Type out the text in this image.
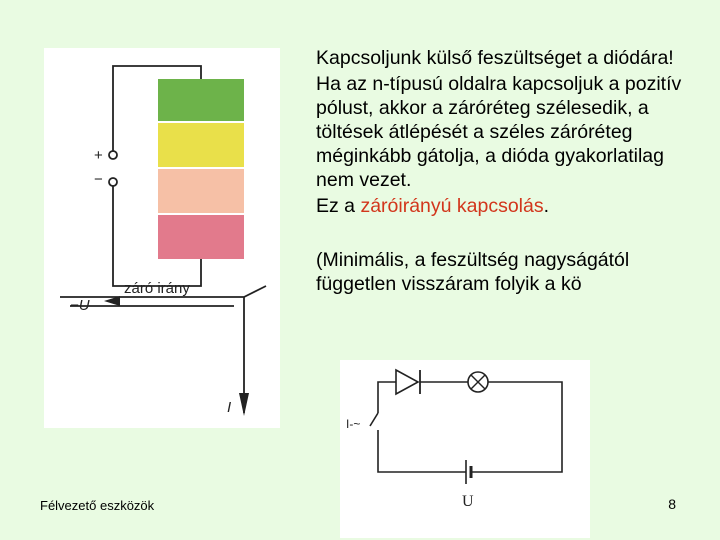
+
−
záró irány
−U
I

Kapcsoljunk külső feszültséget a diódára!

Ha az n-típusú oldalra kapcsoljuk a pozitív pólust, akkor a záróréteg szélesedik, a töltések átlépését a széles záróréteg méginkább gátolja, a dióda gyakorlatilag nem vezet.

Ez a záróirányú kapcsolás.

(Minimális, a feszültség nagyságától független visszáram folyik a kö

I-~
U
Félvezető eszközök	8
